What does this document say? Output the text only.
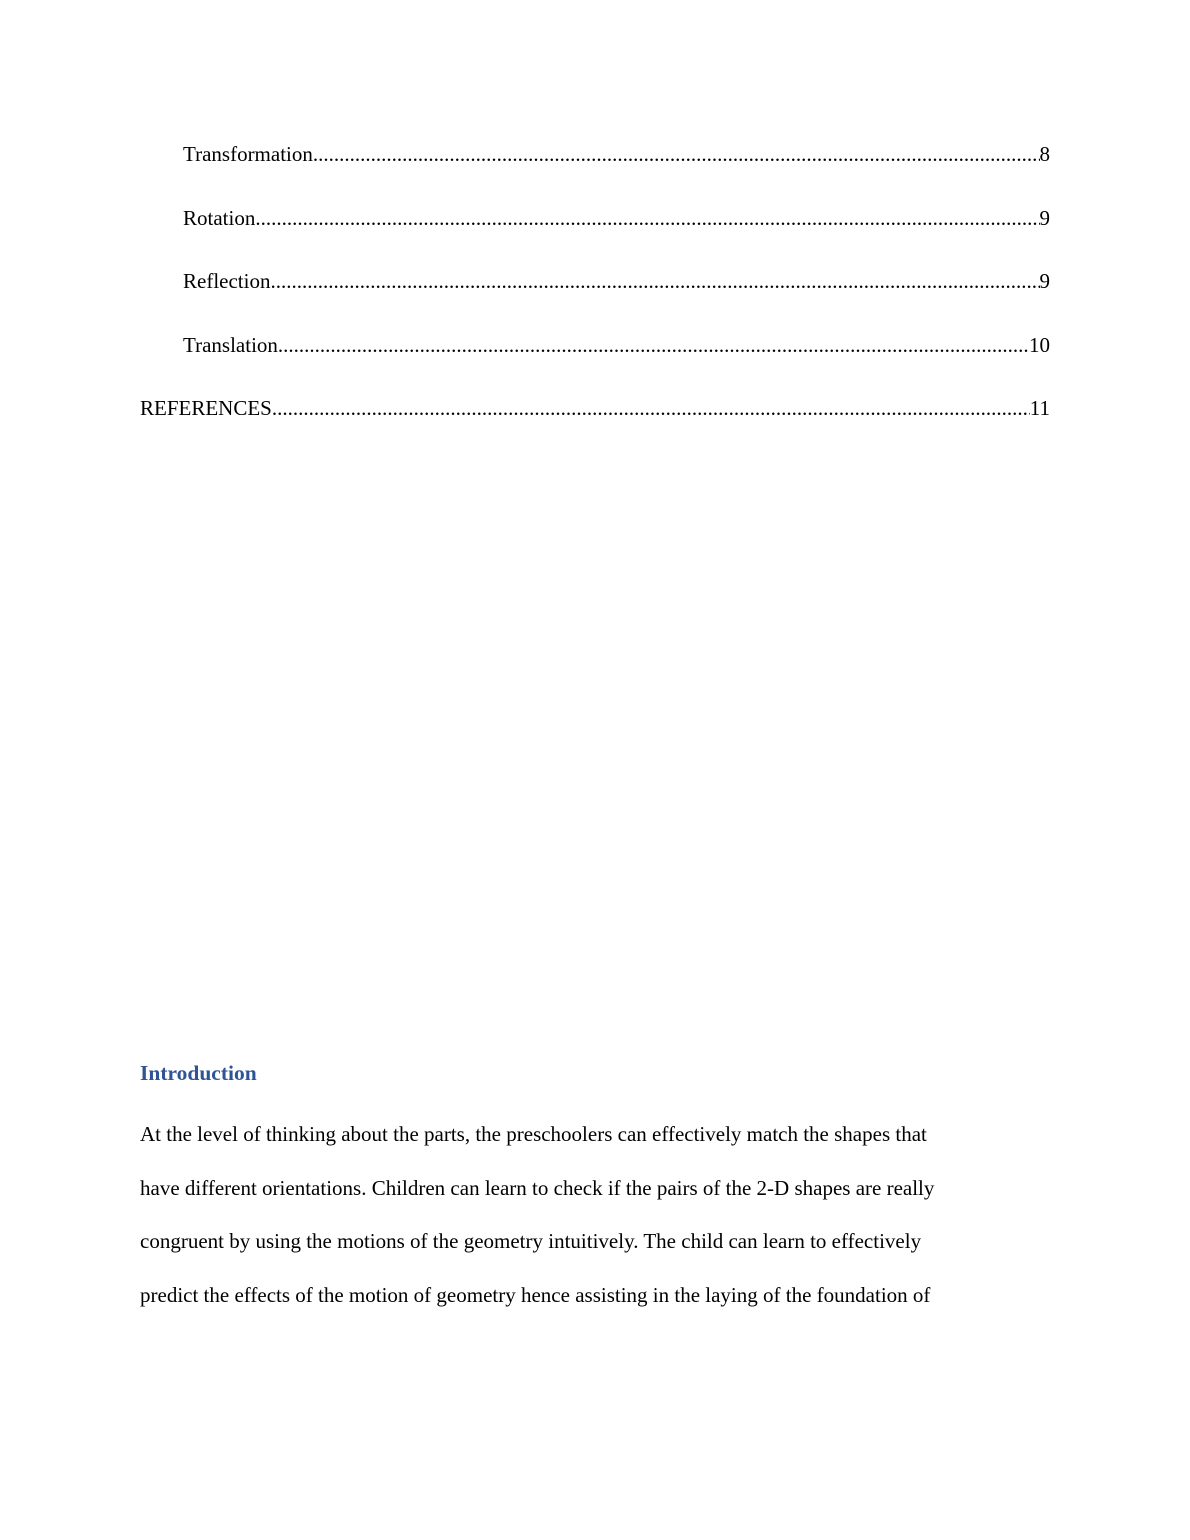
Transformation .....	8
Rotation .....	9
Reflection .....	9
Translation .....	10
REFERENCES .....	11
Introduction
At the level of thinking about the parts, the preschoolers can effectively match the shapes that
have different orientations. Children can learn to check if the pairs of the 2-D shapes are really
congruent by using the motions of the geometry intuitively. The child can learn to effectively
predict the effects of the motion of geometry hence assisting in the laying of the foundation of
